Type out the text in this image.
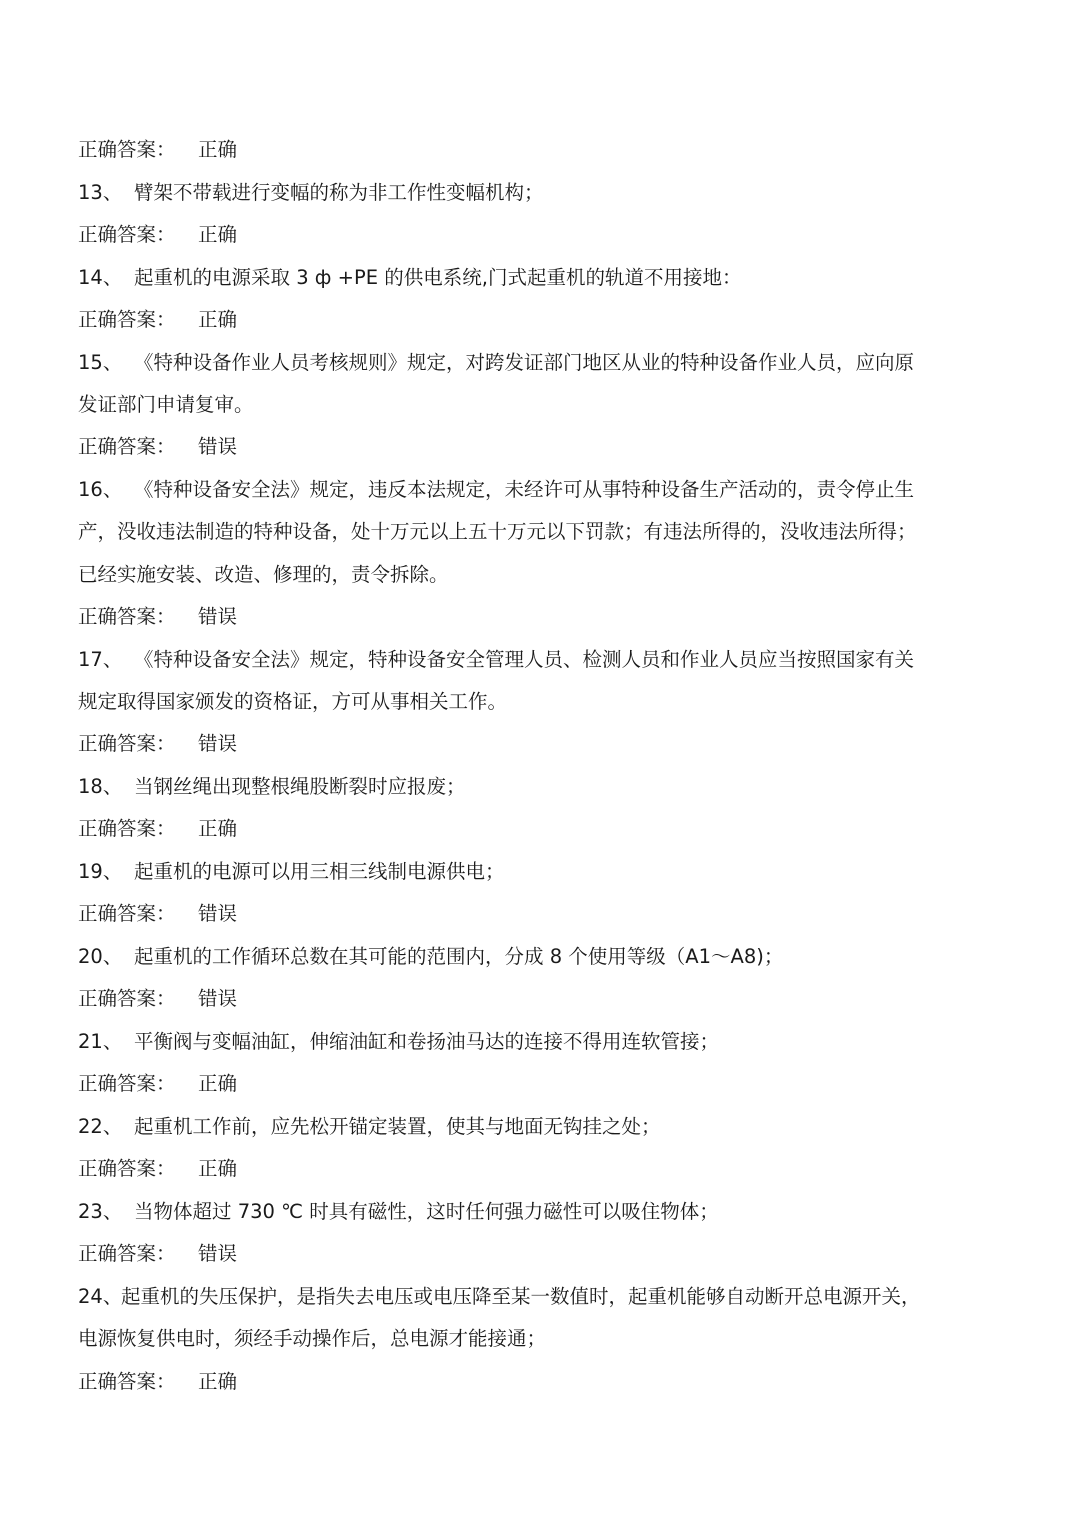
正确答案： 正确
13、 臂架不带载进行变幅的称为非工作性变幅机构；
正确答案： 正确
14、 起重机的电源采取 3 ф +PE 的供电系统,门式起重机的轨道不用接地：
正确答案： 正确
15、 《特种设备作业人员考核规则》规定，对跨发证部门地区从业的特种设备作业人员，应向原
发证部门申请复审。
正确答案： 错误
16、 《特种设备安全法》规定，违反本法规定，未经许可从事特种设备生产活动的，责令停止生
产，没收违法制造的特种设备，处十万元以上五十万元以下罚款；有违法所得的，没收违法所得；
已经实施安装、改造、修理的，责令拆除。
正确答案： 错误
17、 《特种设备安全法》规定，特种设备安全管理人员、检测人员和作业人员应当按照国家有关
规定取得国家颁发的资格证，方可从事相关工作。
正确答案： 错误
18、 当钢丝绳出现整根绳股断裂时应报废；
正确答案： 正确
19、 起重机的电源可以用三相三线制电源供电；
正确答案： 错误
20、 起重机的工作循环总数在其可能的范围内，分成 8 个使用等级（A1～A8)；
正确答案： 错误
21、 平衡阀与变幅油缸，伸缩油缸和卷扬油马达的连接不得用连软管接；
正确答案： 正确
22、 起重机工作前，应先松开锚定装置，使其与地面无钩挂之处；
正确答案： 正确
23、 当物体超过 730 ℃ 时具有磁性，这时任何强力磁性可以吸住物体；
正确答案： 错误
24、起重机的失压保护，是指失去电压或电压降至某一数值时，起重机能够自动断开总电源开关，
电源恢复供电时，须经手动操作后，总电源才能接通；
正确答案： 正确
